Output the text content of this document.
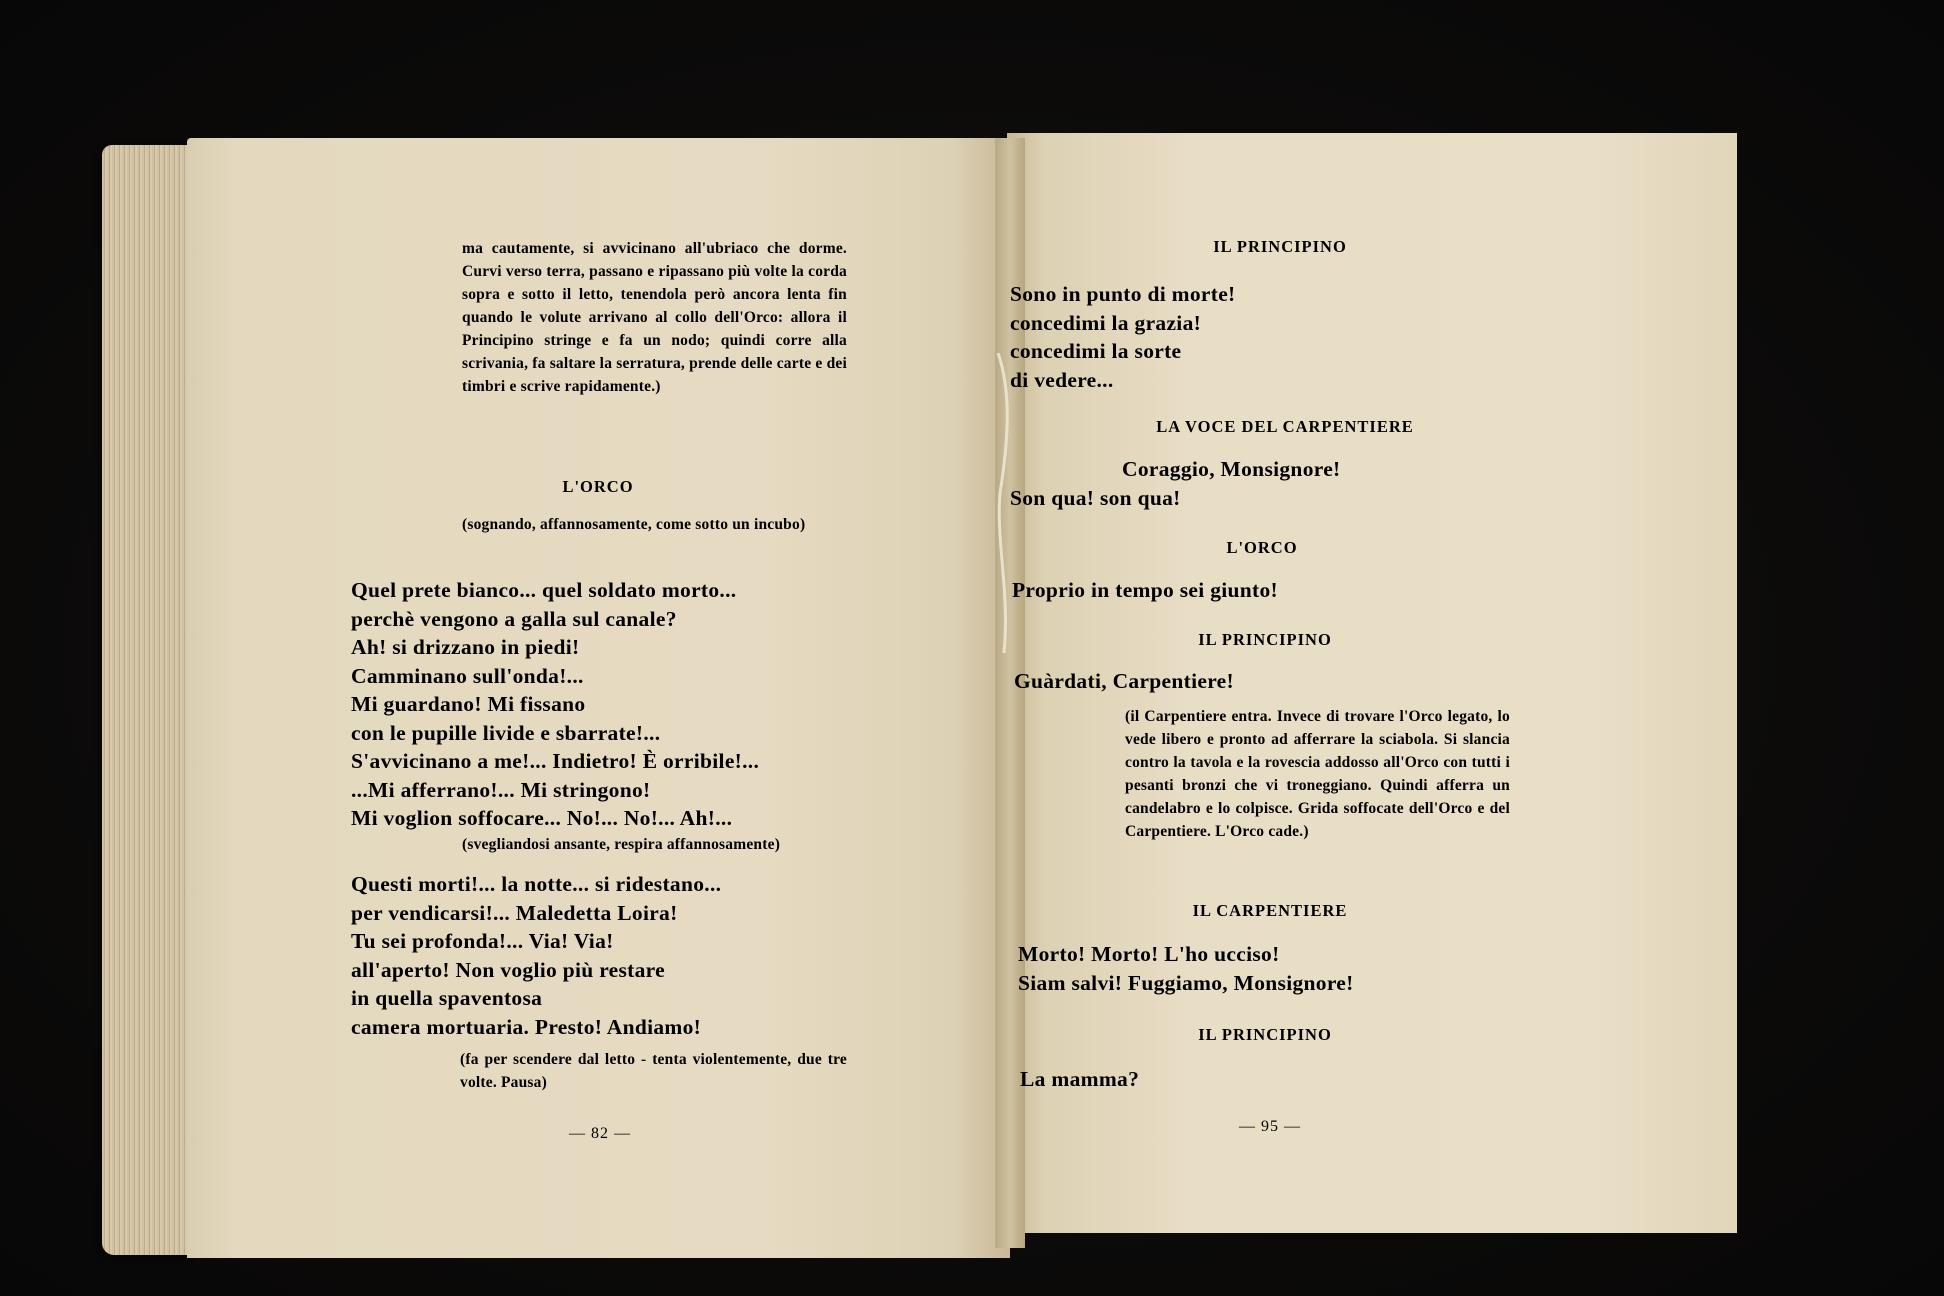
ma cautamente, si avvicinano all'ubriaco che dorme. Curvi verso terra, passano e ripassano più volte la corda sopra e sotto il letto, tenendola però ancora lenta fin quando le volute arrivano al collo dell'Orco: allora il Principino stringe e fa un nodo; quindi corre alla scrivania, fa saltare la serratura, prende delle carte e dei timbri e scrive rapidamente.)
L'ORCO
(sognando, affannosamente, come sotto un incubo)
Quel prete bianco... quel soldato morto...
perchè vengono a galla sul canale?
Ah! si drizzano in piedi!
Camminano sull'onda!...
Mi guardano! Mi fissano
con le pupille livide e sbarrate!...
S'avvicinano a me!... Indietro! È orribile!...
...Mi afferrano!... Mi stringono!
Mi voglion soffocare... No!... No!... Ah!...
(svegliandosi ansante, respira affannosamente)
Questi morti!... la notte... si ridestano...
per vendicarsi!... Maledetta Loira!
Tu sei profonda!... Via! Via!
all'aperto! Non voglio più restare
in quella spaventosa
camera mortuaria. Presto! Andiamo!
(fa per scendere dal letto - tenta violentemente, due tre volte. Pausa)
— 82 —
IL PRINCIPINO
Sono in punto di morte!
concedimi la grazia!
concedimi la sorte
di vedere...
LA VOCE DEL CARPENTIERE
Coraggio, Monsignore!
Son qua! son qua!
L'ORCO
Proprio in tempo sei giunto!
IL PRINCIPINO
Guàrdati, Carpentiere!
(il Carpentiere entra. Invece di trovare l'Orco legato, lo vede libero e pronto ad afferrare la sciabola. Si slancia contro la tavola e la rovescia addosso all'Orco con tutti i pesanti bronzi che vi troneggiano. Quindi afferra un candelabro e lo colpisce. Grida soffocate dell'Orco e del Carpentiere. L'Orco cade.)
IL CARPENTIERE
Morto! Morto! L'ho ucciso!
Siam salvi! Fuggiamo, Monsignore!
IL PRINCIPINO
La mamma?
— 95 —
